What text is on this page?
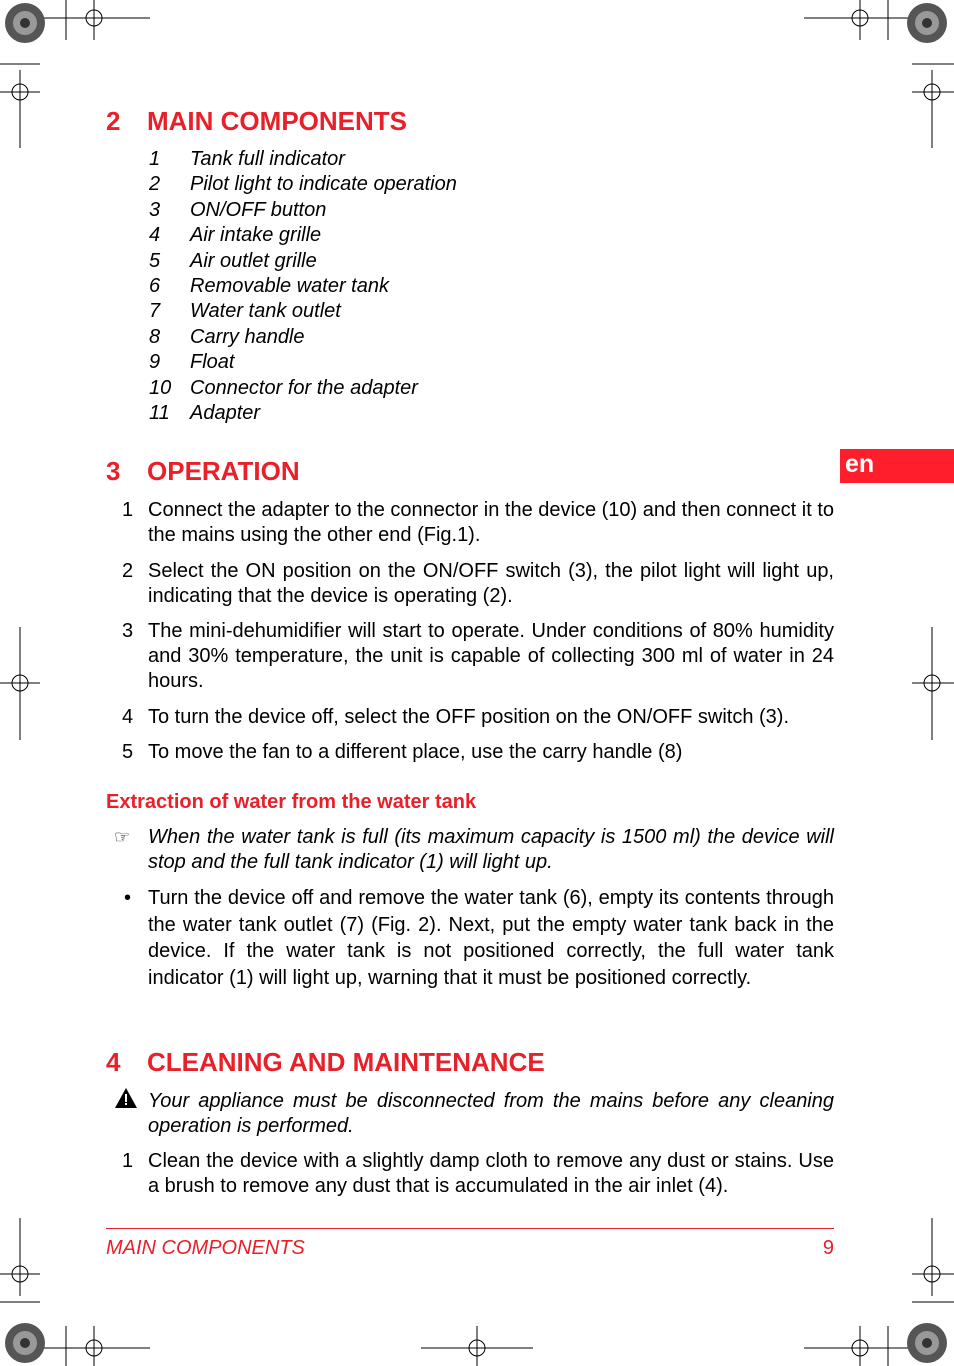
en
2 MAIN COMPONENTS
1 Tank full indicator
2 Pilot light to indicate operation
3 ON/OFF button
4 Air intake grille
5 Air outlet grille
6 Removable water tank
7 Water tank outlet
8 Carry handle
9 Float
10 Connector for the adapter
11 Adapter
3 OPERATION
1 Connect the adapter to the connector in the device (10) and then connect it to the mains using the other end (Fig.1).
2 Select the ON position on the ON/OFF switch (3), the pilot light will light up, indicating that the device is operating (2).
3 The mini-dehumidifier will start to operate. Under conditions of 80% humidity and 30% temperature, the unit is capable of collecting 300 ml of water in 24 hours.
4 To turn the device off, select the OFF position on the ON/OFF switch (3).
5 To move the fan to a different place, use the carry handle (8)
Extraction of water from the water tank
☞ When the water tank is full (its maximum capacity is 1500 ml) the device will stop and the full tank indicator (1) will light up.
• Turn the device off and remove the water tank (6), empty its contents through the water tank outlet (7) (Fig. 2). Next, put the empty water tank back in the device. If the water tank is not positioned correctly, the full water tank indicator (1) will light up, warning that it must be positioned correctly.
4 CLEANING AND MAINTENANCE
Your appliance must be disconnected from the mains before any cleaning operation is performed.
1 Clean the device with a slightly damp cloth to remove any dust or stains. Use a brush to remove any dust that is accumulated in the air inlet (4).
MAIN COMPONENTS	9
